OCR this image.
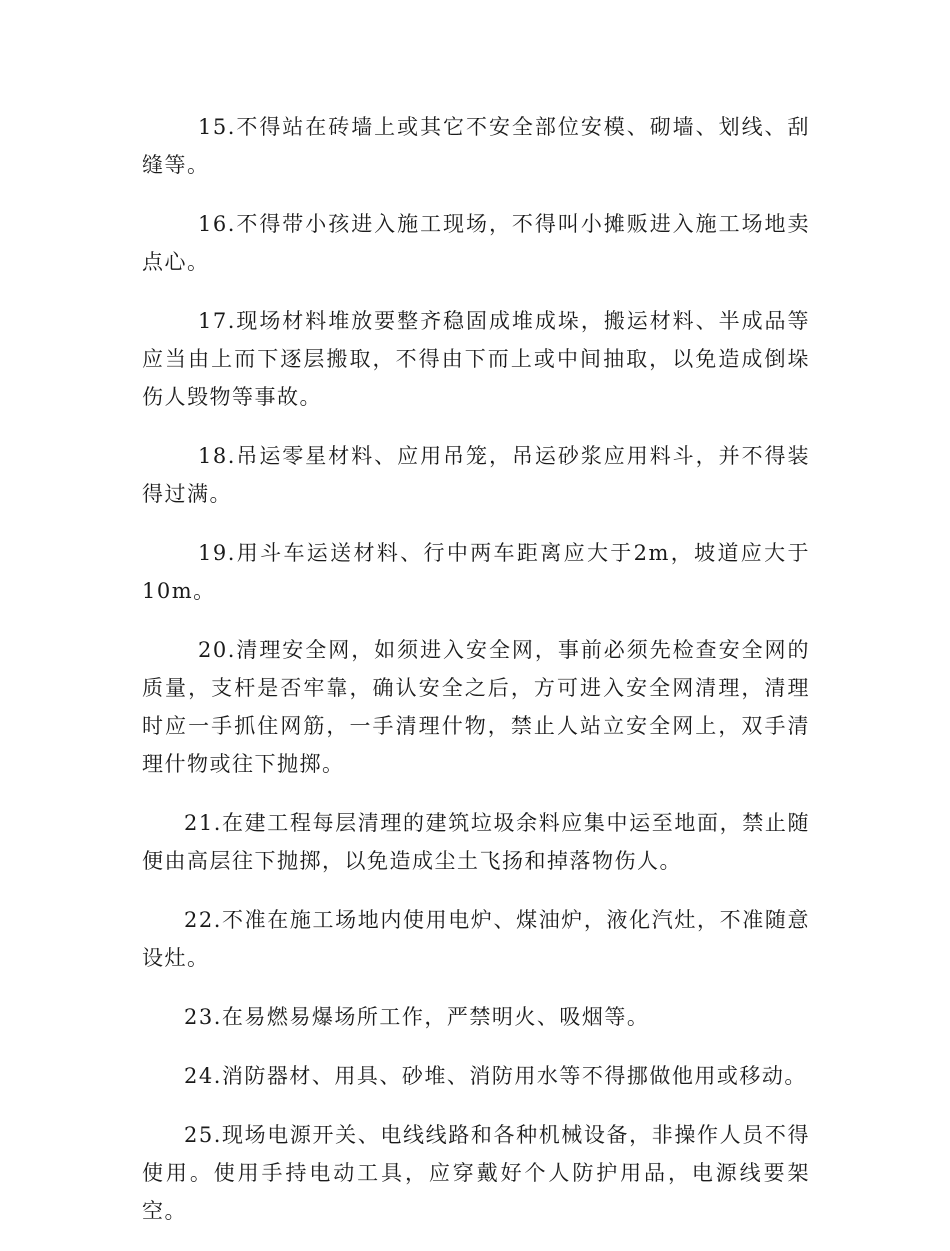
15.不得站在砖墙上或其它不安全部位安模、砌墙、划线、刮缝等。

16.不得带小孩进入施工现场，不得叫小摊贩进入施工场地卖点心。

17.现场材料堆放要整齐稳固成堆成垛，搬运材料、半成品等应当由上而下逐层搬取，不得由下而上或中间抽取，以免造成倒垛伤人毁物等事故。

18.吊运零星材料、应用吊笼，吊运砂浆应用料斗，并不得装得过满。

19.用斗车运送材料、行中两车距离应大于2m，坡道应大于10m。

20.清理安全网，如须进入安全网，事前必须先检查安全网的质量，支杆是否牢靠，确认安全之后，方可进入安全网清理，清理时应一手抓住网筋，一手清理什物，禁止人站立安全网上，双手清理什物或往下抛掷。

21.在建工程每层清理的建筑垃圾余料应集中运至地面，禁止随便由高层往下抛掷，以免造成尘土飞扬和掉落物伤人。

22.不准在施工场地内使用电炉、煤油炉，液化汽灶，不准随意设灶。

23.在易燃易爆场所工作，严禁明火、吸烟等。

24.消防器材、用具、砂堆、消防用水等不得挪做他用或移动。

25.现场电源开关、电线线路和各种机械设备，非操作人员不得使用。使用手持电动工具，应穿戴好个人防护用品，电源线要架空。
